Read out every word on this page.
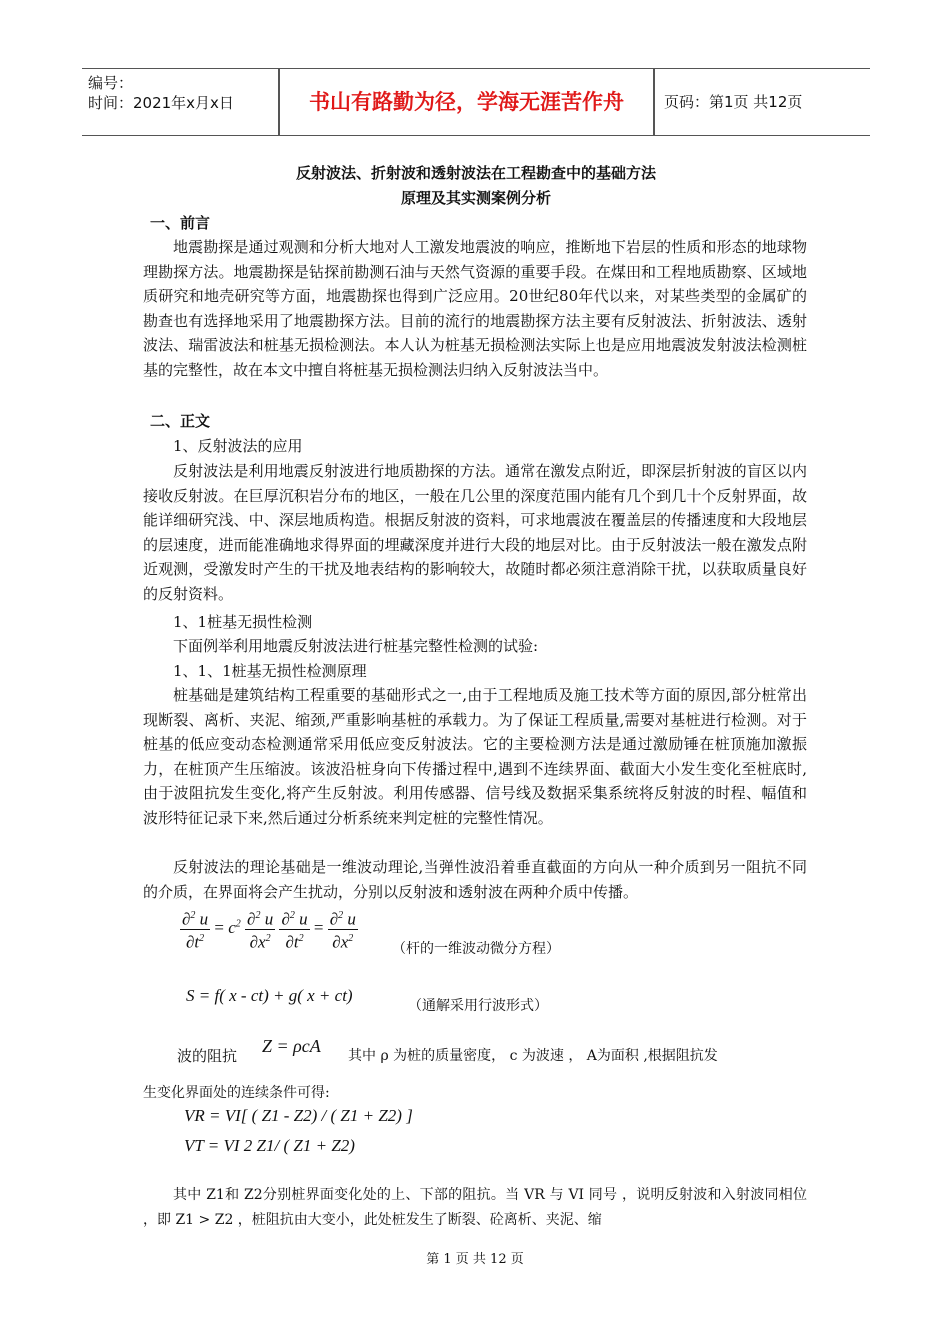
编号：
时间：2021年x月x日	书山有路勤为径，学海无涯苦作舟	页码：第1页 共12页
反射波法、折射波和透射波法在工程勘查中的基础方法
原理及其实测案例分析
一、前言

地震勘探是通过观测和分析大地对人工激发地震波的响应，推断地下岩层的性质和形态的地球物理勘探方法。地震勘探是钻探前勘测石油与天然气资源的重要手段。在煤田和工程地质勘察、区域地质研究和地壳研究等方面，地震勘探也得到广泛应用。20世纪80年代以来，对某些类型的金属矿的勘查也有选择地采用了地震勘探方法。目前的流行的地震勘探方法主要有反射波法、折射波法、透射波法、瑞雷波法和桩基无损检测法。本人认为桩基无损检测法实际上也是应用地震波发射波法检测桩基的完整性，故在本文中擅自将桩基无损检测法归纳入反射波法当中。

二、正文
1、反射波法的应用

反射波法是利用地震反射波进行地质勘探的方法。通常在激发点附近，即深层折射波的盲区以内接收反射波。在巨厚沉积岩分布的地区，一般在几公里的深度范围内能有几个到几十个反射界面，故能详细研究浅、中、深层地质构造。根据反射波的资料，可求地震波在覆盖层的传播速度和大段地层的层速度，进而能准确地求得界面的埋藏深度并进行大段的地层对比。由于反射波法一般在激发点附近观测，受激发时产生的干扰及地表结构的影响较大，故随时都必须注意消除干扰，以获取质量良好的反射资料。

1、1桩基无损性检测
下面例举利用地震反射波法进行桩基完整性检测的试验:
1、1、1桩基无损性检测原理

桩基础是建筑结构工程重要的基础形式之一,由于工程地质及施工技术等方面的原因,部分桩常出现断裂、离析、夹泥、缩颈,严重影响基桩的承载力。为了保证工程质量,需要对基桩进行检测。对于桩基的低应变动态检测通常采用低应变反射波法。它的主要检测方法是通过激励锤在桩顶施加激振力，在桩顶产生压缩波。该波沿桩身向下传播过程中,遇到不连续界面、截面大小发生变化至桩底时,由于波阻抗发生变化,将产生反射波。利用传感器、信号线及数据采集系统将反射波的时程、幅值和波形特征记录下来,然后通过分析系统来判定桩的完整性情况。

反射波法的理论基础是一维波动理论,当弹性波沿着垂直截面的方向从一种介质到另一阻抗不同的介质，在界面将会产生扰动，分别以反射波和透射波在两种介质中传播。

$\frac{\partial^2 u}{\partial t^2} = c^2 \frac{\partial^2 u}{\partial x^2}$
$\frac{\partial^2 u}{\partial t^2} = \frac{\partial^2 u}{\partial x^2}$ （杆的一维波动微分方程）
S = f( x - ct) + g( x + ct)
（通解采用行波形式）
波的阻抗 Z = ρcA 其中 ρ 为桩的质量密度， c 为波速 ， A为面积 ,根据阻抗发
生变化界面处的连续条件可得:
VR = VI[ ( Z1 - Z2) / ( Z1 + Z2) ]
VT = VI 2 Z1/ ( Z1 + Z2)

其中 Z1和 Z2分别桩界面变化处的上、下部的阻抗。当 VR 与 VI 同号 ，说明反射波和入射波同相位 ，即 Z1 > Z2 ，桩阻抗由大变小，此处桩发生了断裂、砼离析、夹泥、缩

第 1 页 共 12 页
